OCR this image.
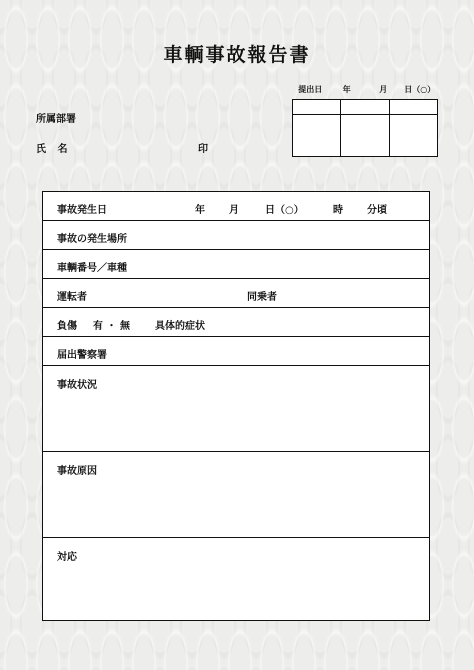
車輌事故報告書
提出日	年	月	日（○）
所属部署
氏 名	印
事故発生日	年 月	日（○）	時 分頃
事故の発生場所
車輌番号／車種
運転者	同乗者
負傷 有 ・ 無	具体的症状
届出警察署
事故状況
事故原因
対応
